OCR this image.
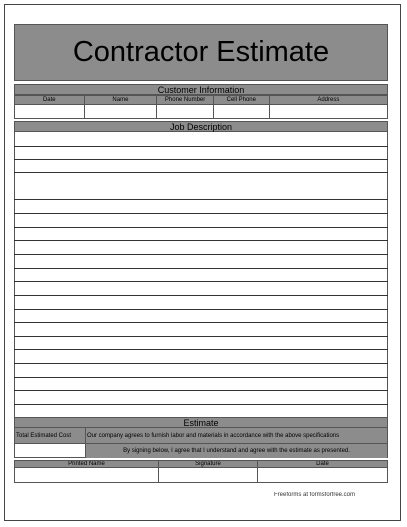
Contractor Estimate
Customer Information
Date	Name	Phone Number	Cell Phone	Address
Job Description
Estimate
Total Estimated Cost	Our company agrees to furnish labor and materials in accordance with the above specifications
By signing below, I agree that I understand and agree with the estimate as presented.
Printed Name	Signature	Date
Freeforms at formsforfree.com
